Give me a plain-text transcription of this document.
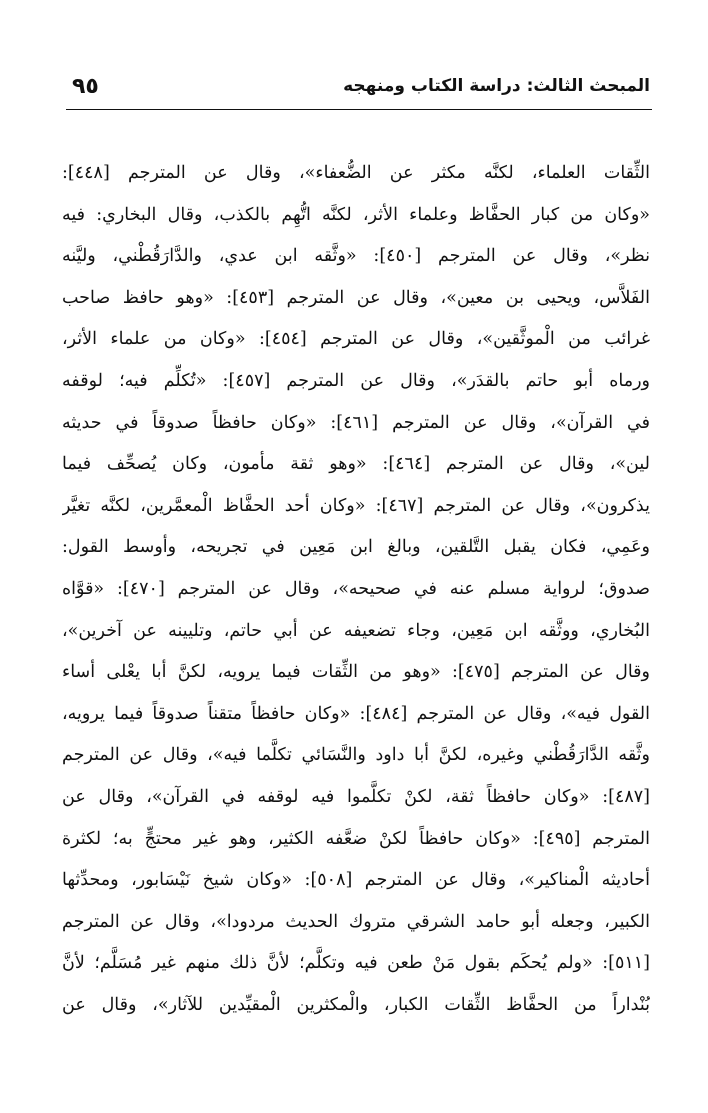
المبحث الثالث: دراسة الكتاب ومنهجه
٩٥
الثِّقات العلماء، لكنَّه مكثر عن الضُّعفاء»، وقال عن المترجم [٤٤٨]:
«وكان من كبار الحفَّاظ وعلماء الأثر، لكنَّه اتُّهِم بالكذب، وقال البخاري: فيه
نظر»، وقال عن المترجم [٤٥٠]: «وثَّقه ابن عدي، والدَّارَقُطْني، وليَّنه
الفَلاَّس، ويحيى بن معين»، وقال عن المترجم [٤٥٣]: «وهو حافظ صاحب
غرائب من الْموثَّقين»، وقال عن المترجم [٤٥٤]: «وكان من علماء الأثر،
ورماه أبو حاتم بالقدَر»، وقال عن المترجم [٤٥٧]: «تُكلِّم فيه؛ لوقفه
في القرآن»، وقال عن المترجم [٤٦١]: «وكان حافظاً صدوقاً في حديثه
لين»، وقال عن المترجم [٤٦٤]: «وهو ثقة مأمون، وكان يُصحِّف فيما
يذكرون»، وقال عن المترجم [٤٦٧]: «وكان أحد الحفَّاظ الْمعمَّرين، لكنَّه تغيَّر
وعَمِي، فكان يقبل التَّلقين، وبالغ ابن مَعِين في تجريحه، وأوسط القول:
صدوق؛ لرواية مسلم عنه في صحيحه»، وقال عن المترجم [٤٧٠]: «قوَّاه
البُخاري، ووثَّقه ابن مَعِين، وجاء تضعيفه عن أبي حاتم، وتليينه عن آخرين»،
وقال عن المترجم [٤٧٥]: «وهو من الثِّقات فيما يرويه، لكنَّ أبا يعْلى أساء
القول فيه»، وقال عن المترجم [٤٨٤]: «وكان حافظاً متقناً صدوقاً فيما يرويه،
وثَّقه الدَّارَقُطْني وغيره، لكنَّ أبا داود والنَّسَائي تكلَّما فيه»، وقال عن المترجم
[٤٨٧]: «وكان حافظاً ثقة، لكنْ تكلَّموا فيه لوقفه في القرآن»، وقال عن
المترجم [٤٩٥]: «وكان حافظاً لكنْ ضعَّفه الكثير، وهو غير محتجٍّ به؛ لكثرة
أحاديثه الْمناكير»، وقال عن المترجم [٥٠٨]: «وكان شيخ نَيْسَابور، ومحدِّثها
الكبير، وجعله أبو حامد الشرقي متروك الحديث مردودا»، وقال عن المترجم
[٥١١]: «ولم يُحكَم بقول مَنْ طعن فيه وتكلَّم؛ لأنَّ ذلك منهم غير مُسَلَّم؛ لأنَّ
بُنْداراً من الحفَّاظ الثِّقات الكبار، والْمكثرين الْمقيِّدين للآثار»، وقال عن
